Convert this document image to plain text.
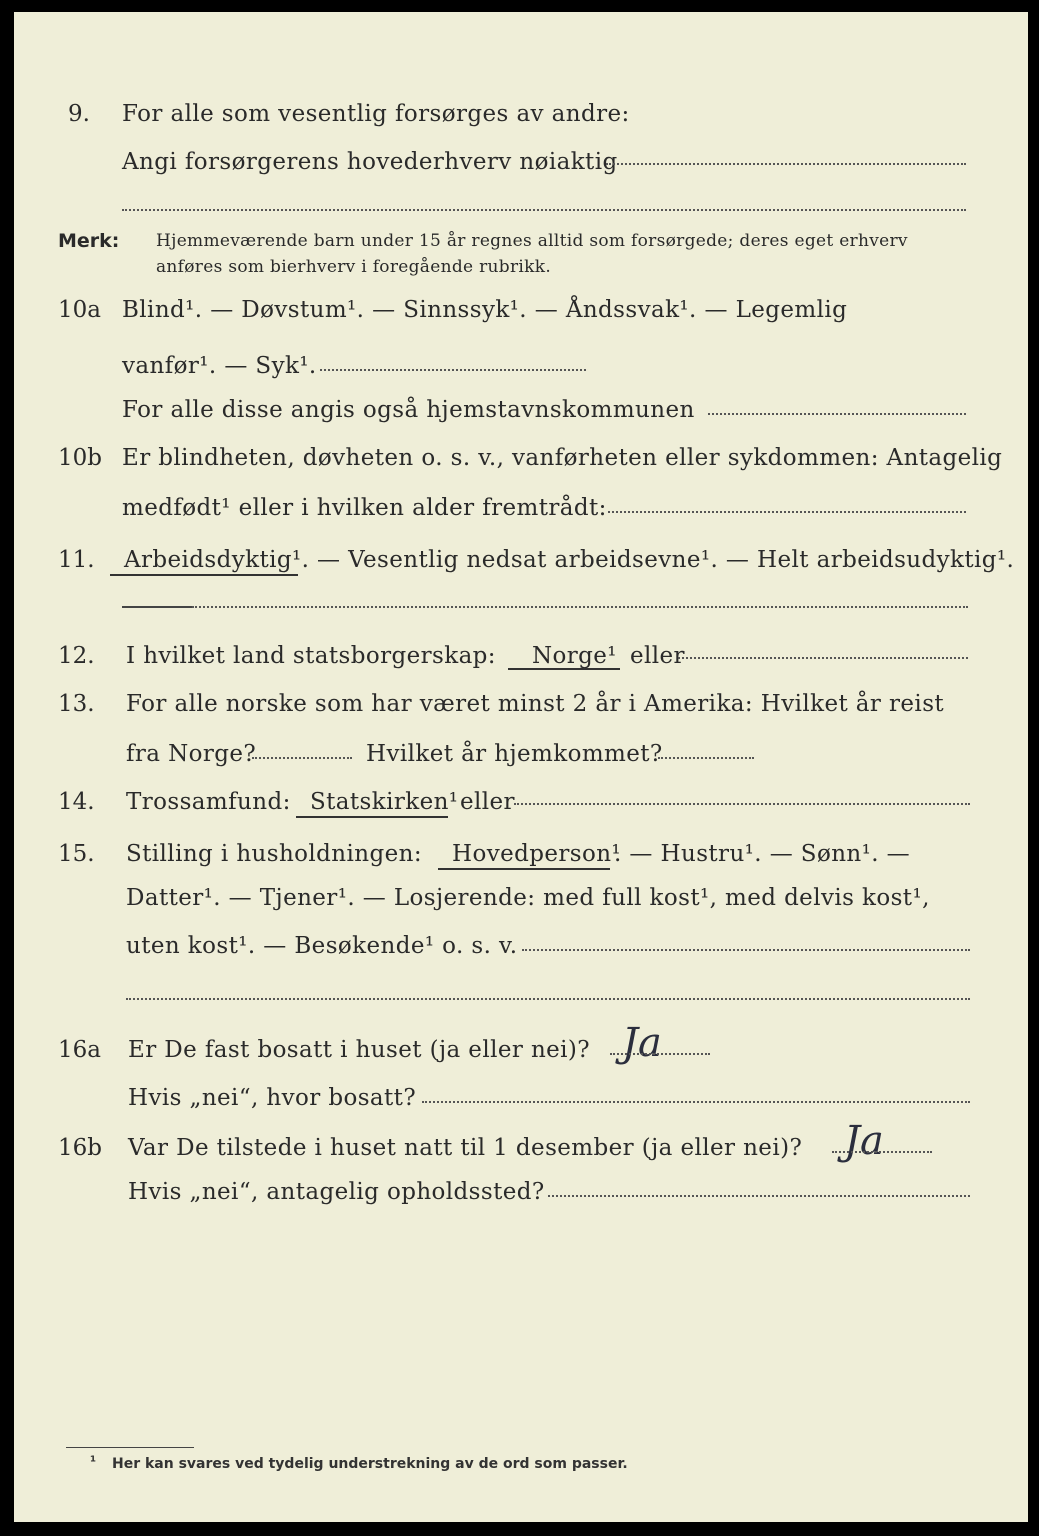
9. For alle som vesentlig forsørges av andre:
Angi forsørgerens hovederhverv nøiaktig
Merk: Hjemmeværende barn under 15 år regnes alltid som forsørgede; deres eget erhverv
anføres som bierhverv i foregående rubrikk.
10a Blind¹. — Døvstum¹. — Sinnssyk¹. — Åndssvak¹. — Legemlig
vanfør¹. — Syk¹.
For alle disse angis også hjemstavnskommunen
10b Er blindheten, døvheten o. s. v., vanførheten eller sykdommen: Antagelig
medfødt¹ eller i hvilken alder fremtrådt:
11. Arbeidsdyktig¹. — Vesentlig nedsat arbeidsevne¹. — Helt arbeidsudyktig¹.
12. I hvilket land statsborgerskap: Norge¹ eller
13. For alle norske som har været minst 2 år i Amerika: Hvilket år reist
fra Norge?	Hvilket år hjemkommet?
14. Trossamfund: Statskirken¹ eller
15. Stilling i husholdningen: Hovedperson¹
. — Hustru¹. — Sønn¹. —
Datter¹. — Tjener¹. — Losjerende: med full kost¹, med delvis kost¹,
uten kost¹. — Besøkende¹ o. s. v.
16a Er De fast bosatt i huset (ja eller nei)? Ja
Hvis „nei“, hvor bosatt?
16b Var De tilstede i huset natt til 1 desember (ja eller nei)? Ja
Hvis „nei“, antagelig opholdssted?
¹ Her kan svares ved tydelig understrekning av de ord som passer.
